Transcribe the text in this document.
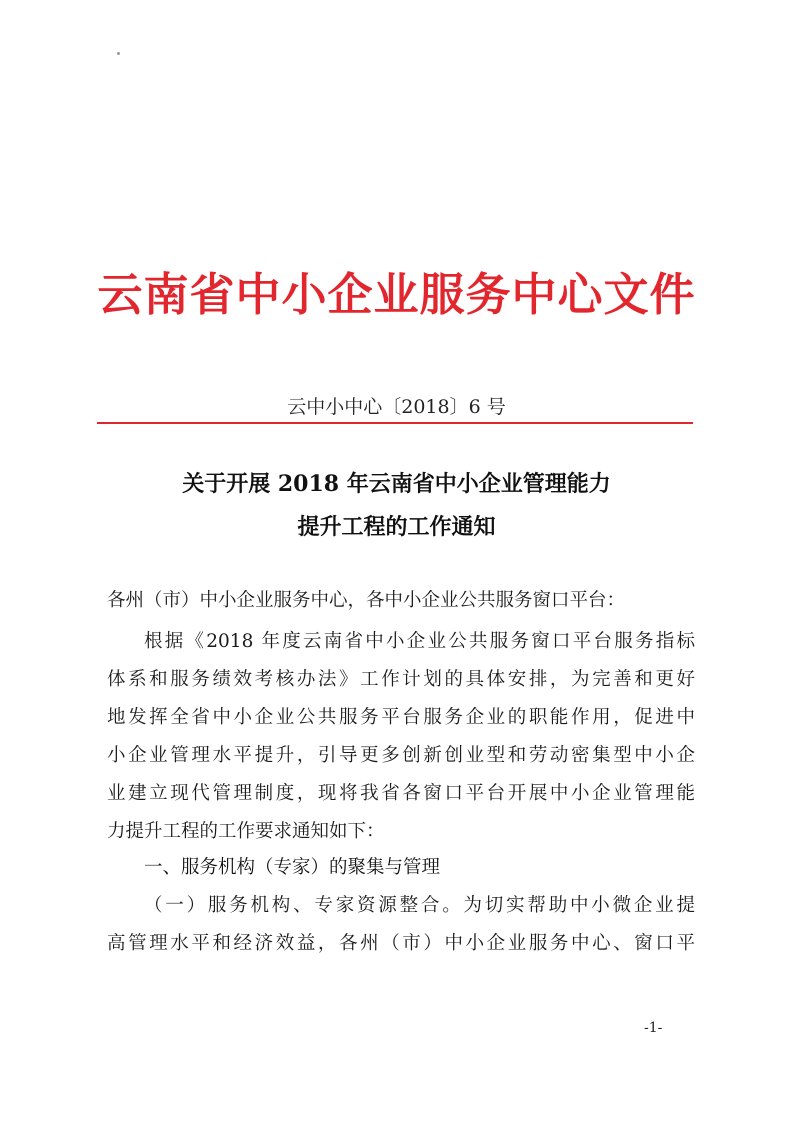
云南省中小企业服务中心文件
云中小中心〔2018〕6 号
关于开展 2018 年云南省中小企业管理能力
提升工程的工作通知
各州（市）中小企业服务中心，各中小企业公共服务窗口平台：
根据《2018 年度云南省中小企业公共服务窗口平台服务指标
体系和服务绩效考核办法》工作计划的具体安排，为完善和更好
地发挥全省中小企业公共服务平台服务企业的职能作用，促进中
小企业管理水平提升，引导更多创新创业型和劳动密集型中小企
业建立现代管理制度，现将我省各窗口平台开展中小企业管理能
力提升工程的工作要求通知如下：
一、服务机构（专家）的聚集与管理
（一）服务机构、专家资源整合。为切实帮助中小微企业提
高管理水平和经济效益，各州（市）中小企业服务中心、窗口平
-1-
